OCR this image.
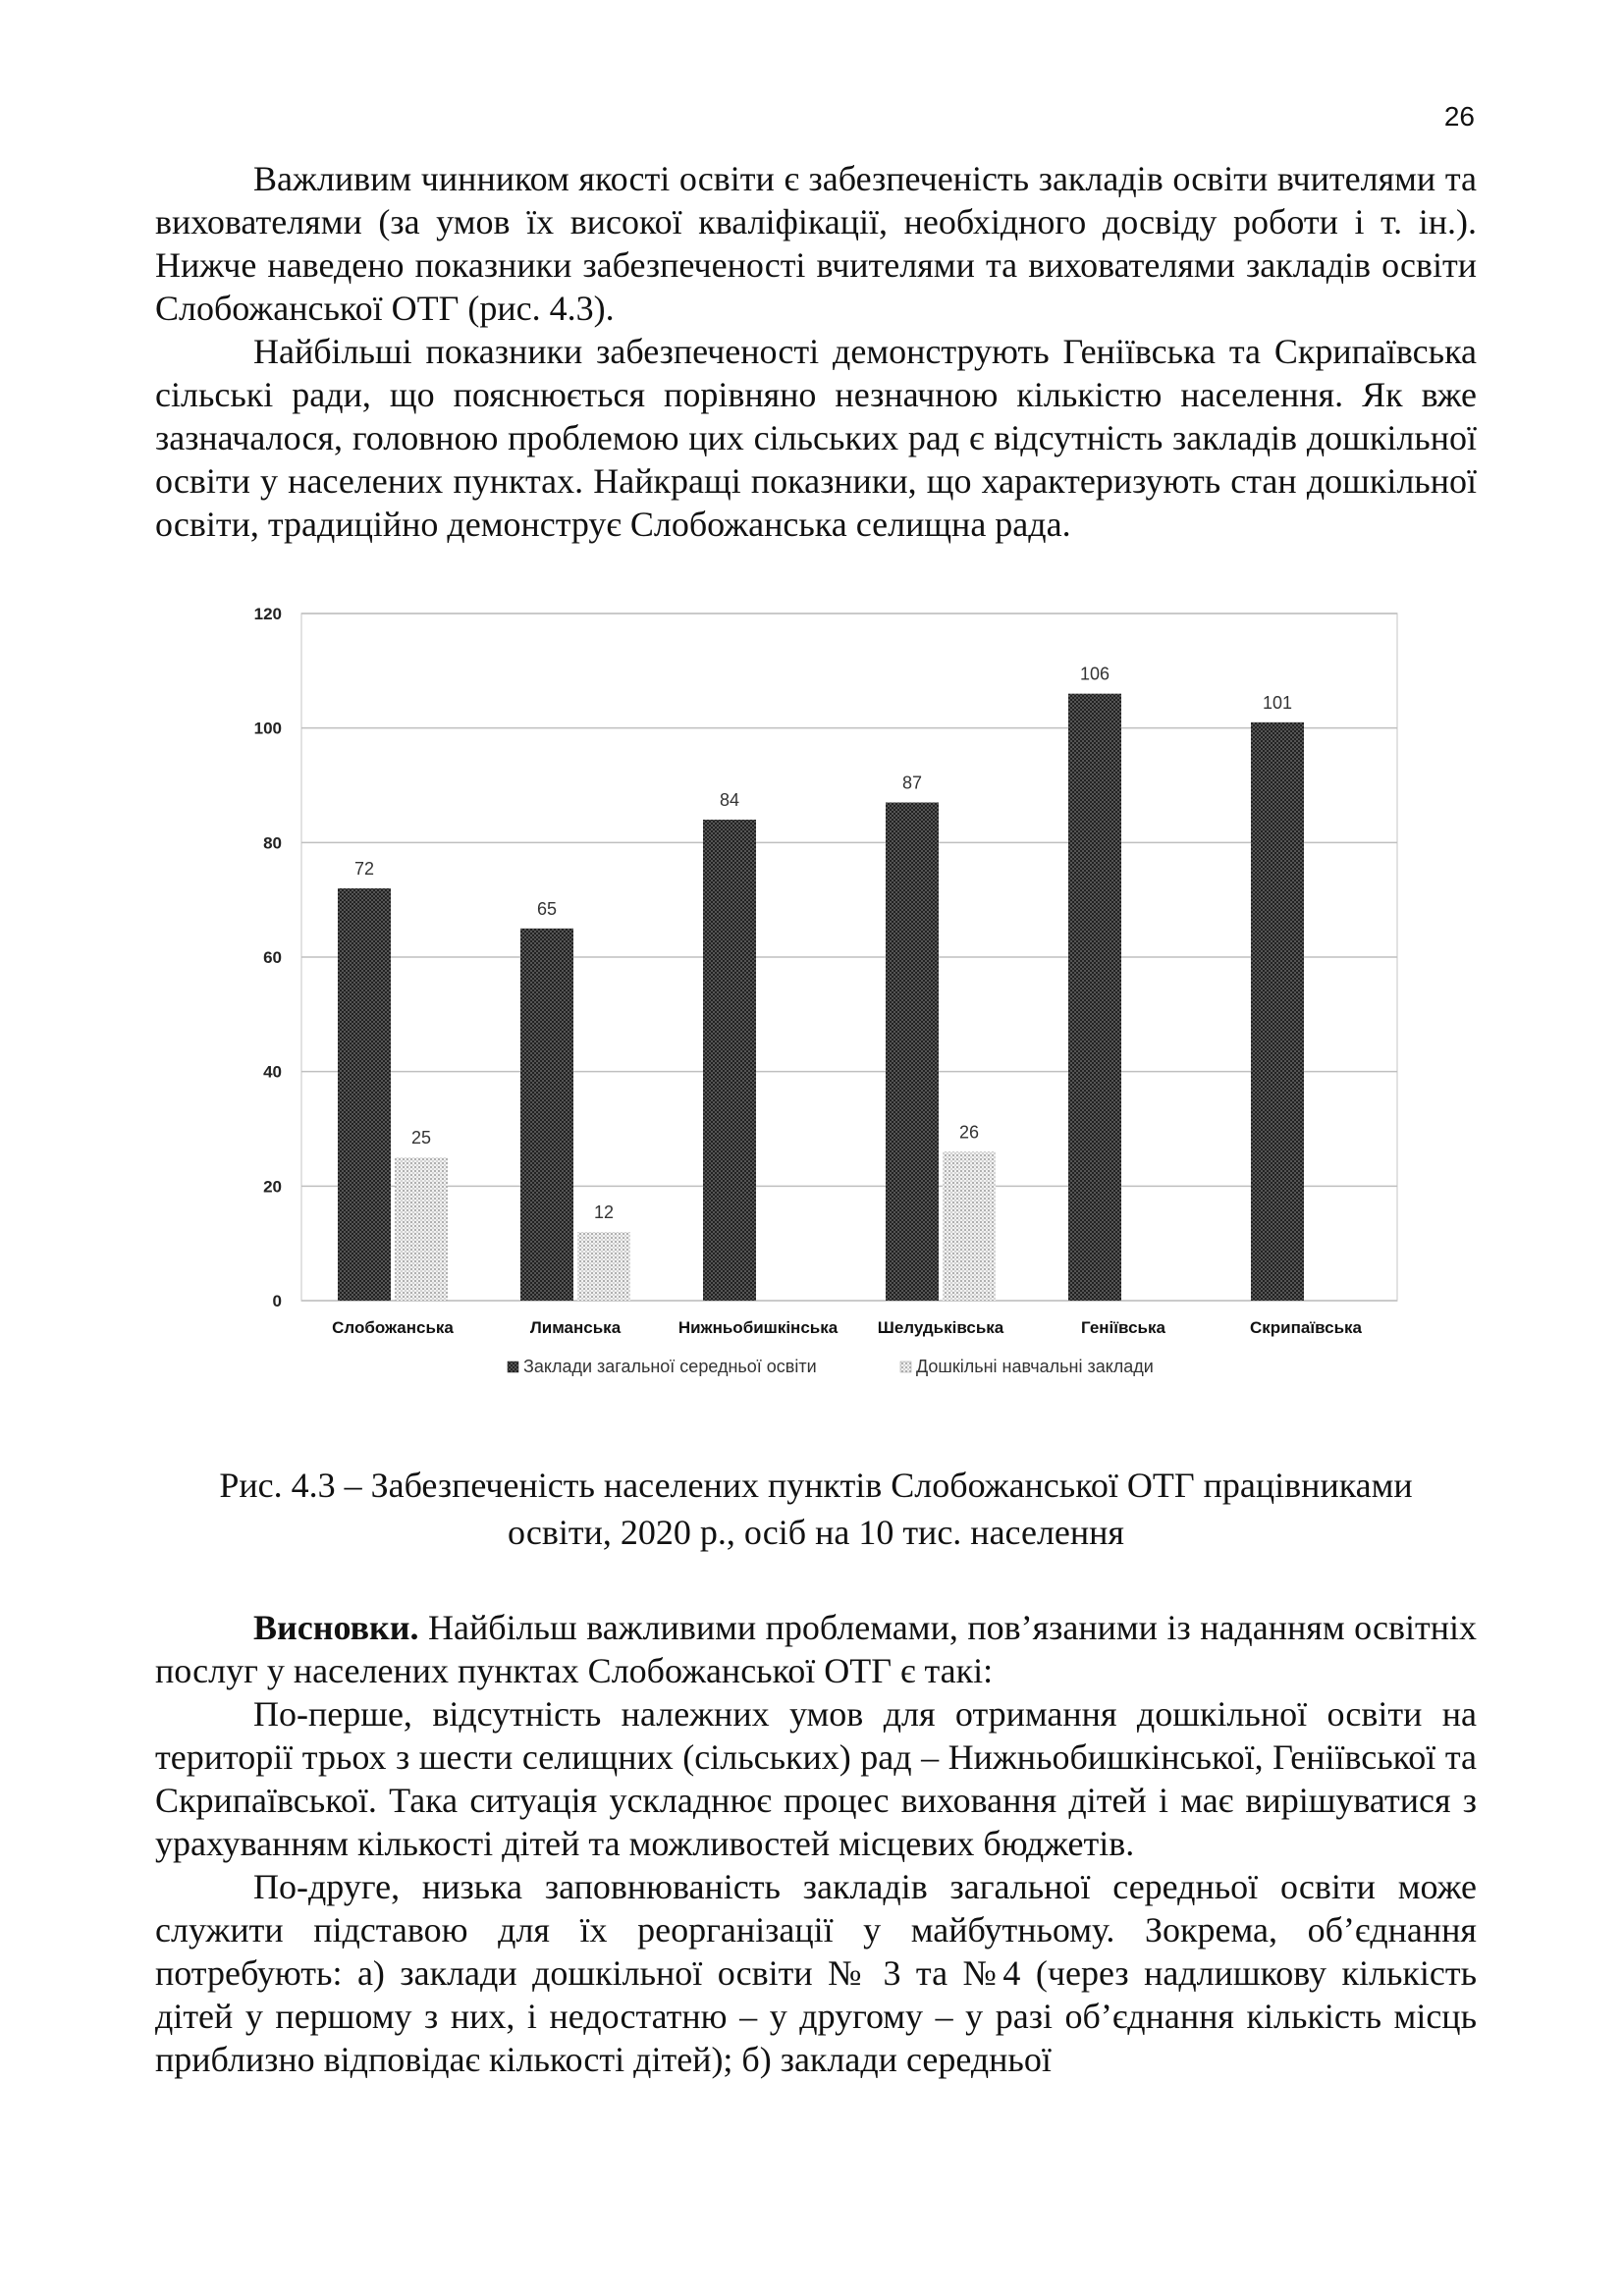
26

Важливим чинником якості освіти є забезпеченість закладів освіти вчителями та вихователями (за умов їх високої кваліфікації, необхідного досвіду роботи і т. ін.). Нижче наведено показники забезпеченості вчителями та вихователями закладів освіти Слобожанської ОТГ (рис. 4.3).

Найбільші показники забезпеченості демонструють Геніївська та Скрипаївська сільські ради, що пояснюється порівняно незначною кількістю населення. Як вже зазначалося, головною проблемою цих сільських рад є відсутність закладів дошкільної освіти у населених пунктах. Найкращі показники, що характеризують стан дошкільної освіти, традиційно демонструє Слобожанська селищна рада.

0
20
40
60
80
100
120
Слобожанська	Лиманська	Нижньобишкінська Шелудьківська	Геніївська	Скрипаївська
72
25
65
12
84
87
26
106
101
Заклади загальної середньої освіти	Дошкільні навчальні заклади
Рис. 4.3 – Забезпеченість населених пунктів Слобожанської ОТГ працівниками
освіти, 2020 р., осіб на 10 тис. населення

Висновки. Найбільш важливими проблемами, пов’язаними із наданням освітніх послуг у населених пунктах Слобожанської ОТГ є такі:

По-перше, відсутність належних умов для отримання дошкільної освіти на території трьох з шести селищних (сільських) рад – Нижньобишкінської, Геніївської та Скрипаївської. Така ситуація ускладнює процес виховання дітей і має вирішуватися з урахуванням кількості дітей та можливостей місцевих бюджетів.

По-друге, низька заповнюваність закладів загальної середньої освіти може служити підставою для їх реорганізації у майбутньому. Зокрема, об’єднання потребують: а) заклади дошкільної освіти № 3 та №4 (через надлишкову кількість дітей у першому з них, і недостатню – у другому – у разі об’єднання кількість місць приблизно відповідає кількості дітей); б) заклади середньої
